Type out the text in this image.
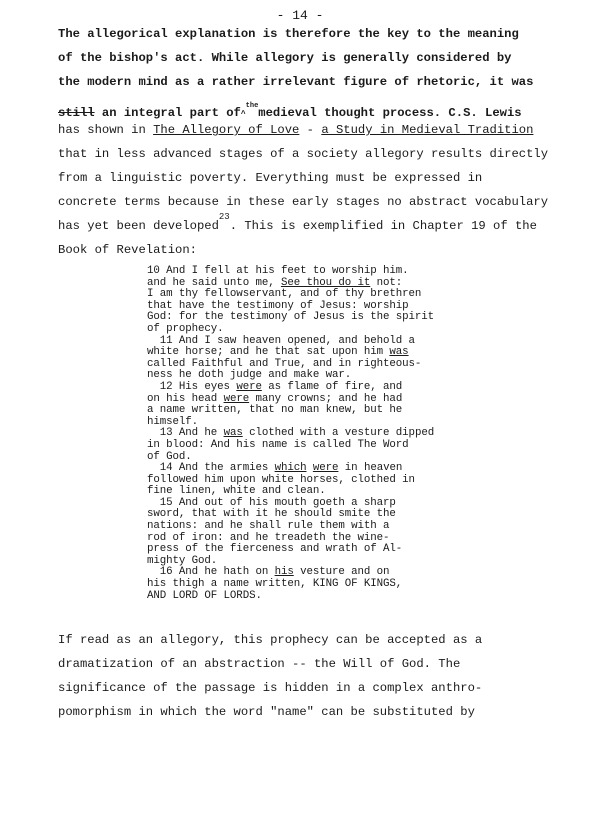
- 14 -
The allegorical explanation is therefore the key to the meaning
of the bishop's act. While allegory is generally considered by
the modern mind as a rather irrelevant figure of rhetoric, it was
still an integral part of^$^{the}$medieval thought process. C.S. Lewis
has shown in The Allegory of Love - a Study in Medieval Tradition
that in less advanced stages of a society allegory results directly
from a linguistic poverty. Everything must be expressed in
concrete terms because in these early stages no abstract vocabulary
has yet been developed$^{23}$. This is exemplified in Chapter 19 of the
Book of Revelation:
10 And I fell at his feet to worship him.
and he said unto me, See thou do it not:
I am thy fellowservant, and of thy brethren
that have the testimony of Jesus: worship
God: for the testimony of Jesus is the spirit
of prophecy.
11 And I saw heaven opened, and behold a
white horse; and he that sat upon him was
called Faithful and True, and in righteous-
ness he doth judge and make war.
12 His eyes were as flame of fire, and
on his head were many crowns; and he had
a name written, that no man knew, but he
himself.
13 And he was clothed with a vesture dipped
in blood: And his name is called The Word
of God.
14 And the armies which were in heaven
followed him upon white horses, clothed in
fine linen, white and clean.
15 And out of his mouth goeth a sharp
sword, that with it he should smite the
nations: and he shall rule them with a
rod of iron: and he treadeth the wine-
press of the fierceness and wrath of Al-
mighty God.
16 And he hath on his vesture and on
his thigh a name written, KING OF KINGS,
AND LORD OF LORDS.
If read as an allegory, this prophecy can be accepted as a
dramatization of an abstraction -- the Will of God. The
significance of the passage is hidden in a complex anthro-
pomorphism in which the word "name" can be substituted by
